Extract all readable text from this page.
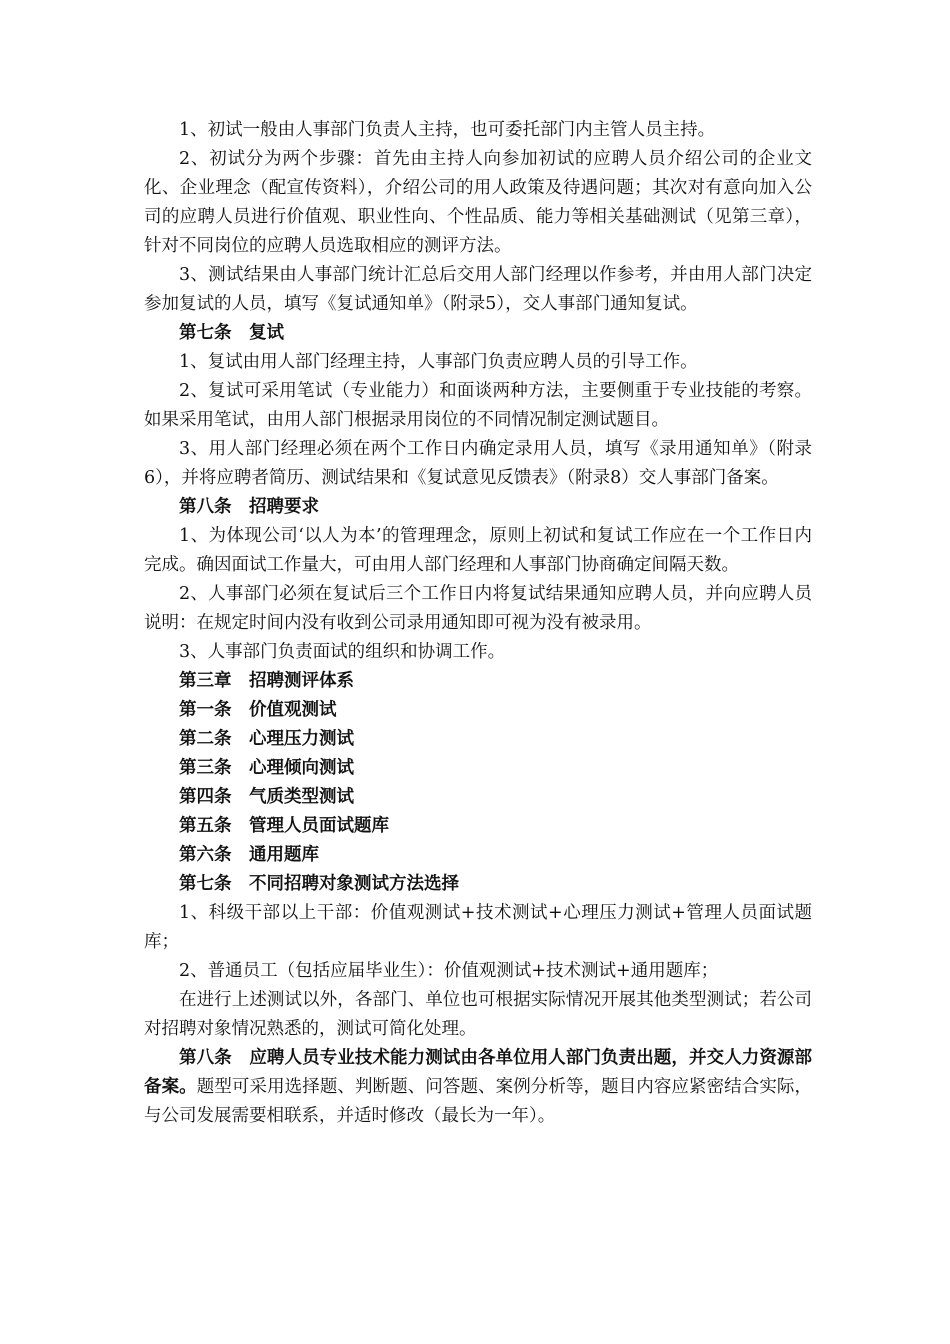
1、初试一般由人事部门负责人主持，也可委托部门内主管人员主持。

2、初试分为两个步骤：首先由主持人向参加初试的应聘人员介绍公司的企业文化、企业理念（配宣传资料），介绍公司的用人政策及待遇问题；其次对有意向加入公司的应聘人员进行价值观、职业性向、个性品质、能力等相关基础测试（见第三章），针对不同岗位的应聘人员选取相应的测评方法。

3、测试结果由人事部门统计汇总后交用人部门经理以作参考，并由用人部门决定参加复试的人员，填写《复试通知单》（附录5），交人事部门通知复试。

第七条　复试

1、复试由用人部门经理主持，人事部门负责应聘人员的引导工作。

2、复试可采用笔试（专业能力）和面谈两种方法，主要侧重于专业技能的考察。如果采用笔试，由用人部门根据录用岗位的不同情况制定测试题目。

3、用人部门经理必须在两个工作日内确定录用人员，填写《录用通知单》（附录6），并将应聘者简历、测试结果和《复试意见反馈表》（附录8）交人事部门备案。

第八条　招聘要求

1、为体现公司‘以人为本’的管理理念，原则上初试和复试工作应在一个工作日内完成。确因面试工作量大，可由用人部门经理和人事部门协商确定间隔天数。

2、人事部门必须在复试后三个工作日内将复试结果通知应聘人员，并向应聘人员说明：在规定时间内没有收到公司录用通知即可视为没有被录用。

3、人事部门负责面试的组织和协调工作。

第三章　招聘测评体系

第一条　价值观测试

第二条　心理压力测试

第三条　心理倾向测试

第四条　气质类型测试

第五条　管理人员面试题库

第六条　通用题库

第七条　不同招聘对象测试方法选择

1、科级干部以上干部：价值观测试+技术测试+心理压力测试+管理人员面试题库；

2、普通员工（包括应届毕业生）：价值观测试+技术测试+通用题库；

在进行上述测试以外，各部门、单位也可根据实际情况开展其他类型测试；若公司对招聘对象情况熟悉的，测试可简化处理。

第八条　应聘人员专业技术能力测试由各单位用人部门负责出题，并交人力资源部备案。题型可采用选择题、判断题、问答题、案例分析等，题目内容应紧密结合实际，与公司发展需要相联系，并适时修改（最长为一年）。
